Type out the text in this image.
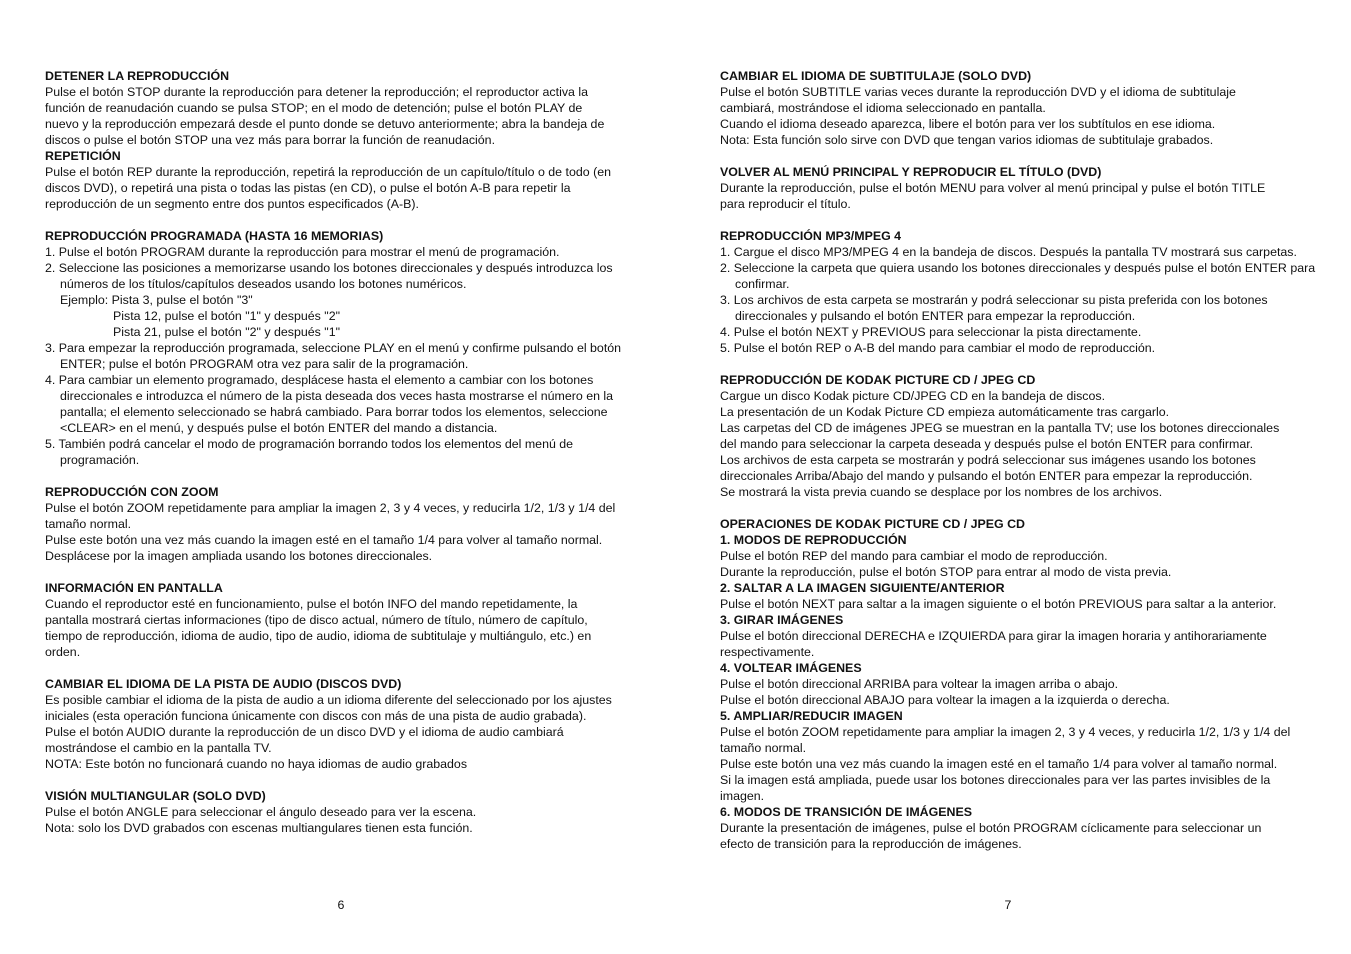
DETENER LA REPRODUCCIÓN
Pulse el botón STOP durante la reproducción para detener la reproducción; el reproductor activa la
función de reanudación cuando se pulsa STOP; en el modo de detención; pulse el botón PLAY de
nuevo y la reproducción empezará desde el punto donde se detuvo anteriormente; abra la bandeja de
discos o pulse el botón STOP una vez más para borrar la función de reanudación.
REPETICIÓN
Pulse el botón REP durante la reproducción, repetirá la reproducción de un capítulo/título o de todo (en
discos DVD), o repetirá una pista o todas las pistas (en CD), o pulse el botón A-B para repetir la
reproducción de un segmento entre dos puntos especificados (A-B).
REPRODUCCIÓN PROGRAMADA (HASTA 16 MEMORIAS)
1. Pulse el botón PROGRAM durante la reproducción para mostrar el menú de programación.
2. Seleccione las posiciones a memorizarse usando los botones direccionales y después introduzca los números de los títulos/capítulos deseados usando los botones numéricos.
Ejemplo: Pista 3, pulse el botón "3"
Pista 12, pulse el botón "1" y después "2"
Pista 21, pulse el botón "2" y después "1"
3. Para empezar la reproducción programada, seleccione PLAY en el menú y confirme pulsando el botón ENTER; pulse el botón PROGRAM otra vez para salir de la programación.
4. Para cambiar un elemento programado, desplácese hasta el elemento a cambiar con los botones direccionales e introduzca el número de la pista deseada dos veces hasta mostrarse el número en la pantalla; el elemento seleccionado se habrá cambiado. Para borrar todos los elementos, seleccione <CLEAR> en el menú, y después pulse el botón ENTER del mando a distancia.
5. También podrá cancelar el modo de programación borrando todos los elementos del menú de programación.
REPRODUCCIÓN CON ZOOM
Pulse el botón ZOOM repetidamente para ampliar la imagen 2, 3 y 4 veces, y reducirla 1/2, 1/3 y 1/4 del
tamaño normal.
Pulse este botón una vez más cuando la imagen esté en el tamaño 1/4 para volver al tamaño normal.
Desplácese por la imagen ampliada usando los botones direccionales.
INFORMACIÓN EN PANTALLA
Cuando el reproductor esté en funcionamiento, pulse el botón INFO del mando repetidamente, la
pantalla mostrará ciertas informaciones (tipo de disco actual, número de título, número de capítulo,
tiempo de reproducción, idioma de audio, tipo de audio, idioma de subtitulaje y multiángulo, etc.) en
orden.
CAMBIAR EL IDIOMA DE LA PISTA DE AUDIO (DISCOS DVD)
Es posible cambiar el idioma de la pista de audio a un idioma diferente del seleccionado por los ajustes
iniciales (esta operación funciona únicamente con discos con más de una pista de audio grabada).
Pulse el botón AUDIO durante la reproducción de un disco DVD y el idioma de audio cambiará
mostrándose el cambio en la pantalla TV.
NOTA: Este botón no funcionará cuando no haya idiomas de audio grabados
VISIÓN MULTIANGULAR (SOLO DVD)
Pulse el botón ANGLE para seleccionar el ángulo deseado para ver la escena.
Nota: solo los DVD grabados con escenas multiangulares tienen esta función.
6
CAMBIAR EL IDIOMA DE SUBTITULAJE (SOLO DVD)
Pulse el botón SUBTITLE varias veces durante la reproducción DVD y el idioma de subtitulaje
cambiará, mostrándose el idioma seleccionado en pantalla.
Cuando el idioma deseado aparezca, libere el botón para ver los subtítulos en ese idioma.
Nota: Esta función solo sirve con DVD que tengan varios idiomas de subtitulaje grabados.
VOLVER AL MENÚ PRINCIPAL Y REPRODUCIR EL TÍTULO (DVD)
Durante la reproducción, pulse el botón MENU para volver al menú principal y pulse el botón TITLE
para reproducir el título.
REPRODUCCIÓN MP3/MPEG 4
1. Cargue el disco MP3/MPEG 4 en la bandeja de discos. Después la pantalla TV mostrará sus carpetas.
2. Seleccione la carpeta que quiera usando los botones direccionales y después pulse el botón ENTER para confirmar.
3. Los archivos de esta carpeta se mostrarán y podrá seleccionar su pista preferida con los botones direccionales y pulsando el botón ENTER para empezar la reproducción.
4. Pulse el botón NEXT y PREVIOUS para seleccionar la pista directamente.
5. Pulse el botón REP o A-B del mando para cambiar el modo de reproducción.
REPRODUCCIÓN DE KODAK PICTURE CD / JPEG CD
Cargue un disco Kodak picture CD/JPEG CD en la bandeja de discos.
La presentación de un Kodak Picture CD empieza automáticamente tras cargarlo.
Las carpetas del CD de imágenes JPEG se muestran en la pantalla TV; use los botones direccionales
del mando para seleccionar la carpeta deseada y después pulse el botón ENTER para confirmar.
Los archivos de esta carpeta se mostrarán y podrá seleccionar sus imágenes usando los botones
direccionales Arriba/Abajo del mando y pulsando el botón ENTER para empezar la reproducción.
Se mostrará la vista previa cuando se desplace por los nombres de los archivos.
OPERACIONES DE KODAK PICTURE CD / JPEG CD
1. MODOS DE REPRODUCCIÓN
Pulse el botón REP del mando para cambiar el modo de reproducción.
Durante la reproducción, pulse el botón STOP para entrar al modo de vista previa.
2. SALTAR A LA IMAGEN SIGUIENTE/ANTERIOR
Pulse el botón NEXT para saltar a la imagen siguiente o el botón PREVIOUS para saltar a la anterior.
3. GIRAR IMÁGENES
Pulse el botón direccional DERECHA e IZQUIERDA para girar la imagen horaria y antihorariamente
respectivamente.
4. VOLTEAR IMÁGENES
Pulse el botón direccional ARRIBA para voltear la imagen arriba o abajo.
Pulse el botón direccional ABAJO para voltear la imagen a la izquierda o derecha.
5. AMPLIAR/REDUCIR IMAGEN
Pulse el botón ZOOM repetidamente para ampliar la imagen 2, 3 y 4 veces, y reducirla 1/2, 1/3 y 1/4 del
tamaño normal.
Pulse este botón una vez más cuando la imagen esté en el tamaño 1/4 para volver al tamaño normal.
Si la imagen está ampliada, puede usar los botones direccionales para ver las partes invisibles de la
imagen.
6. MODOS DE TRANSICIÓN DE IMÁGENES
Durante la presentación de imágenes, pulse el botón PROGRAM cíclicamente para seleccionar un
efecto de transición para la reproducción de imágenes.
7
